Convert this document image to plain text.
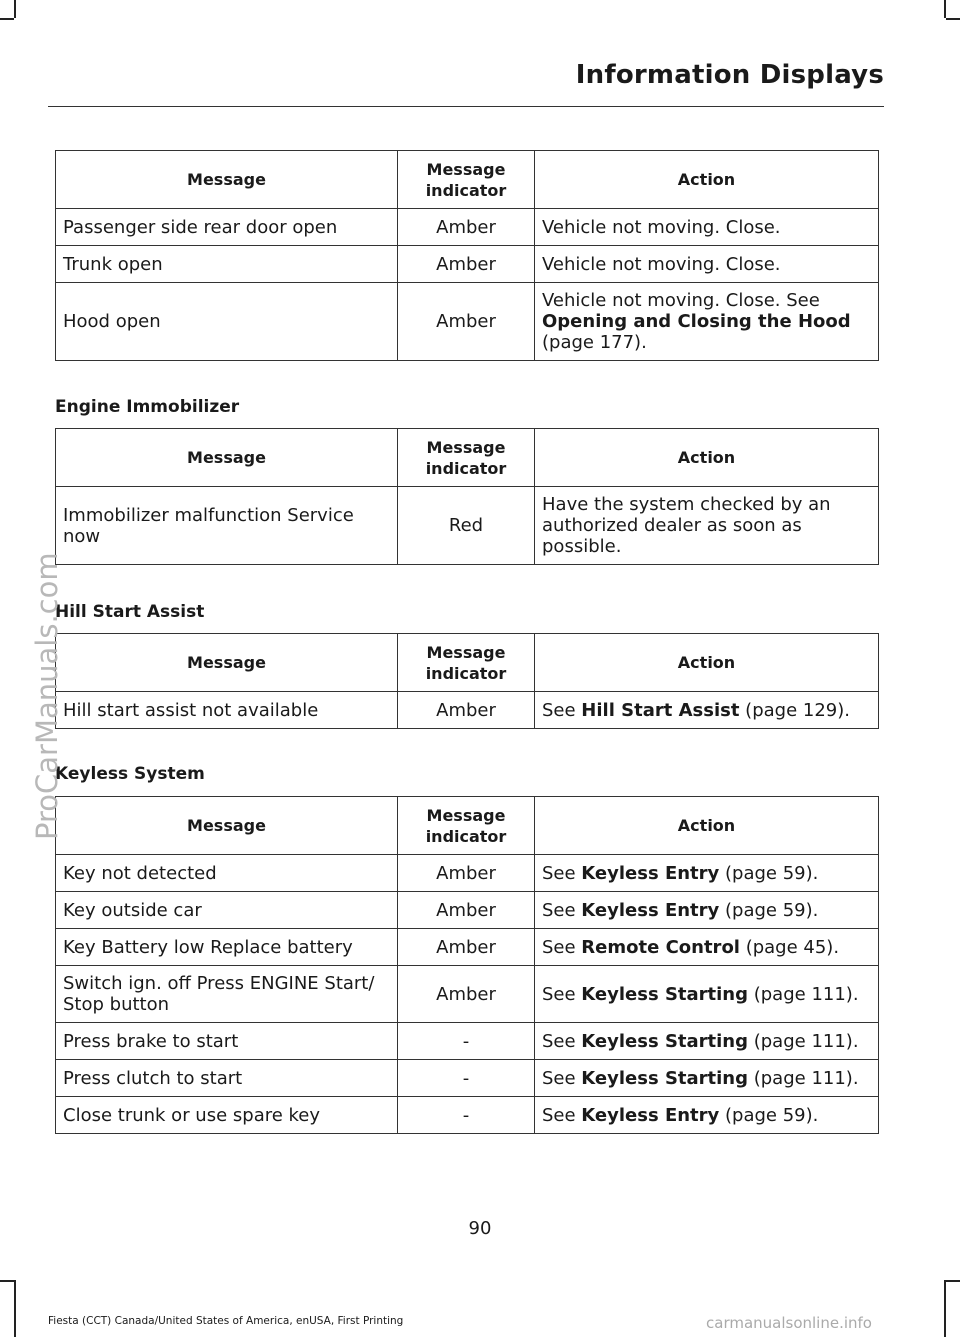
Information Displays
Message	Message indicator	Action
Passenger side rear door open	Amber	Vehicle not moving. Close.
Trunk open	Amber	Vehicle not moving. Close.
Hood open	Amber	Vehicle not moving. Close. See Opening and Closing the Hood (page 177).
Engine Immobilizer
Message	Message indicator	Action
Immobilizer malfunction Service now	Red	Have the system checked by an authorized dealer as soon as possible.
Hill Start Assist
Message	Message indicator	Action
Hill start assist not available	Amber	See Hill Start Assist (page 129).
Keyless System
Message	Message indicator	Action
Key not detected	Amber	See Keyless Entry (page 59).
Key outside car	Amber	See Keyless Entry (page 59).
Key Battery low Replace battery	Amber	See Remote Control (page 45).
Switch ign. off Press ENGINE Start/ Stop button	Amber	See Keyless Starting (page 111).
Press brake to start	-	See Keyless Starting (page 111).
Press clutch to start	-	See Keyless Starting (page 111).
Close trunk or use spare key	-	See Keyless Entry (page 59).
ProCarManuals.com
90
Fiesta (CCT) Canada/United States of America, enUSA, First Printing	carmanualsonline.info
